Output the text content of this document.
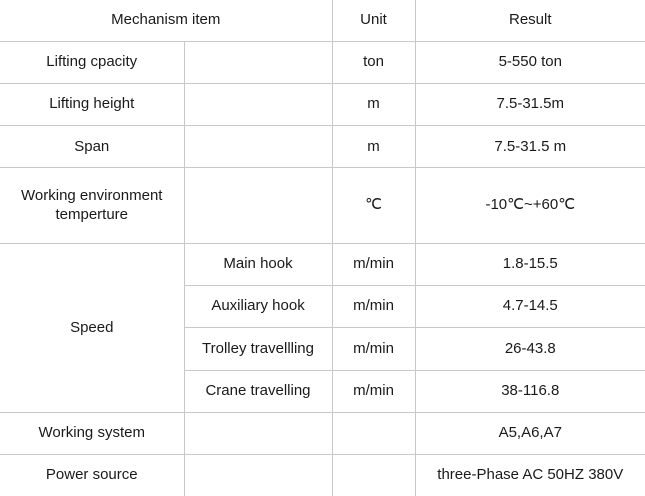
Mechanism item		Unit	Result
Lifting cpacity		ton	5-550 ton
Lifting height		m	7.5-31.5m
Span		m	7.5-31.5 m
Working environment temperture		℃	-10℃~+60℃
Speed	Main hook	m/min	1.8-15.5
	Auxiliary hook	m/min	4.7-14.5
	Trolley travellling	m/min	26-43.8
	Crane travelling	m/min	38-116.8
Working system			A5,A6,A7
Power source			three-Phase AC 50HZ 380V
